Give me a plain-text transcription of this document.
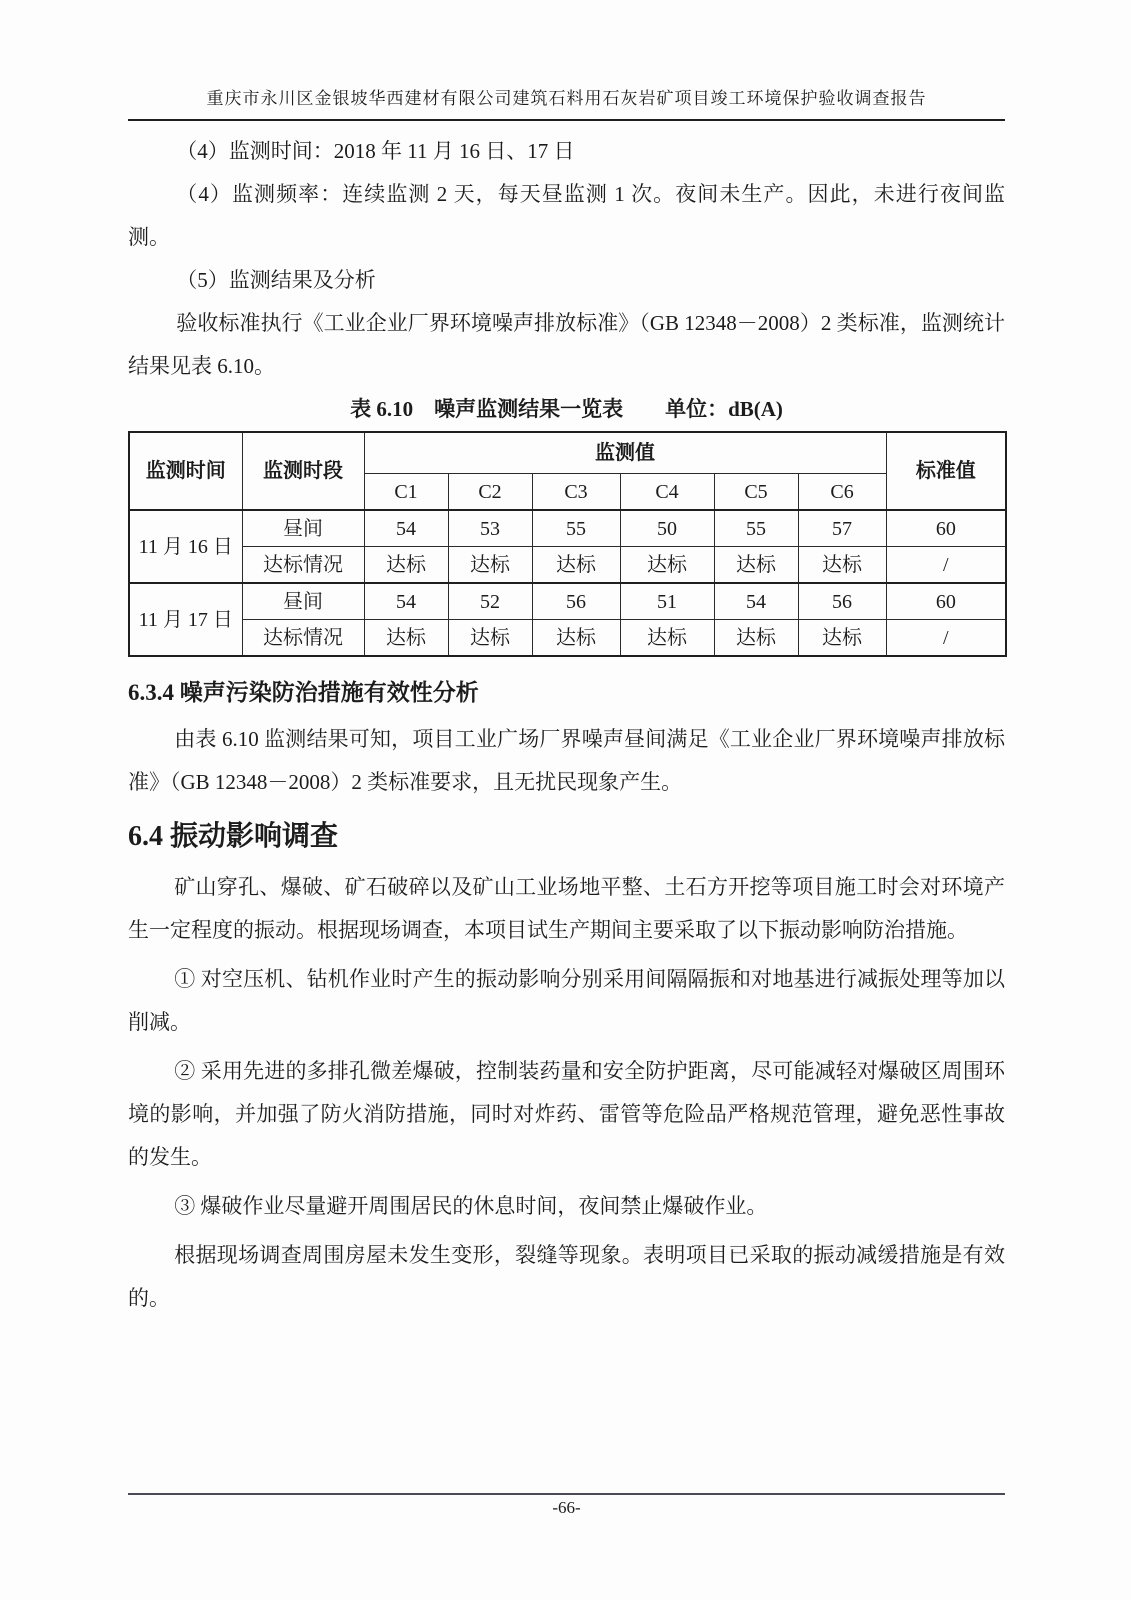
重庆市永川区金银坡华西建材有限公司建筑石料用石灰岩矿项目竣工环境保护验收调查报告

（4）监测时间：2018 年 11 月 16 日、17 日

（4）监测频率：连续监测 2 天，每天昼监测 1 次。夜间未生产。因此，未进行夜间监测。

（5）监测结果及分析

验收标准执行《工业企业厂界环境噪声排放标准》（GB 12348－2008）2 类标准，监测统计结果见表 6.10。

表 6.10　噪声监测结果一览表　　单位：dB(A)

监测时间	监测时段	监测值						标准值
		C1	C2	C3	C4	C5	C6	
11 月 16 日	昼间	54	53	55	50	55	57	60
	达标情况	达标	达标	达标	达标	达标	达标	/
11 月 17 日	昼间	54	52	56	51	54	56	60
	达标情况	达标	达标	达标	达标	达标	达标	/
6.3.4 噪声污染防治措施有效性分析

由表 6.10 监测结果可知，项目工业广场厂界噪声昼间满足《工业企业厂界环境噪声排放标准》（GB 12348－2008）2 类标准要求，且无扰民现象产生。

6.4 振动影响调查

矿山穿孔、爆破、矿石破碎以及矿山工业场地平整、土石方开挖等项目施工时会对环境产生一定程度的振动。根据现场调查，本项目试生产期间主要采取了以下振动影响防治措施。

① 对空压机、钻机作业时产生的振动影响分别采用间隔隔振和对地基进行减振处理等加以削减。

② 采用先进的多排孔微差爆破，控制装药量和安全防护距离，尽可能减轻对爆破区周围环境的影响，并加强了防火消防措施，同时对炸药、雷管等危险品严格规范管理，避免恶性事故的发生。

③ 爆破作业尽量避开周围居民的休息时间，夜间禁止爆破作业。

根据现场调查周围房屋未发生变形，裂缝等现象。表明项目已采取的振动减缓措施是有效的。

-66-
